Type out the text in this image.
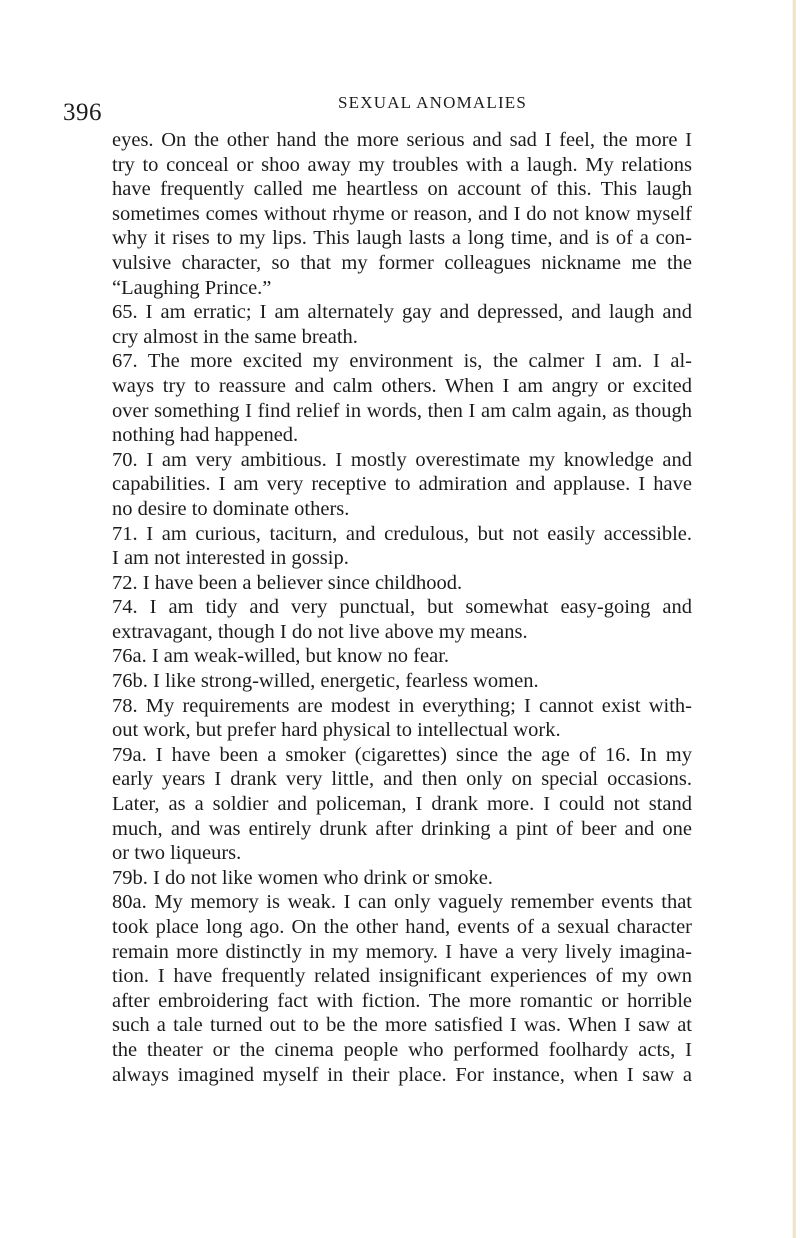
396	SEXUAL ANOMALIES
eyes. On the other hand the more serious and sad I feel, the more I
try to conceal or shoo away my troubles with a laugh. My relations
have frequently called me heartless on account of this. This laugh
sometimes comes without rhyme or reason, and I do not know myself
why it rises to my lips. This laugh lasts a long time, and is of a con-
vulsive character, so that my former colleagues nickname me the
“Laughing Prince.”
65. I am erratic; I am alternately gay and depressed, and laugh and
cry almost in the same breath.
67. The more excited my environment is, the calmer I am. I al-
ways try to reassure and calm others. When I am angry or excited
over something I find relief in words, then I am calm again, as though
nothing had happened.
70. I am very ambitious. I mostly overestimate my knowledge and
capabilities. I am very receptive to admiration and applause. I have
no desire to dominate others.
71. I am curious, taciturn, and credulous, but not easily accessible.
I am not interested in gossip.
72. I have been a believer since childhood.
74. I am tidy and very punctual, but somewhat easy-going and
extravagant, though I do not live above my means.
76a. I am weak-willed, but know no fear.
76b. I like strong-willed, energetic, fearless women.
78. My requirements are modest in everything; I cannot exist with-
out work, but prefer hard physical to intellectual work.
79a. I have been a smoker (cigarettes) since the age of 16. In my
early years I drank very little, and then only on special occasions.
Later, as a soldier and policeman, I drank more. I could not stand
much, and was entirely drunk after drinking a pint of beer and one
or two liqueurs.
79b. I do not like women who drink or smoke.
80a. My memory is weak. I can only vaguely remember events that
took place long ago. On the other hand, events of a sexual character
remain more distinctly in my memory. I have a very lively imagina-
tion. I have frequently related insignificant experiences of my own
after embroidering fact with fiction. The more romantic or horrible
such a tale turned out to be the more satisfied I was. When I saw at
the theater or the cinema people who performed foolhardy acts, I
always imagined myself in their place. For instance, when I saw a
